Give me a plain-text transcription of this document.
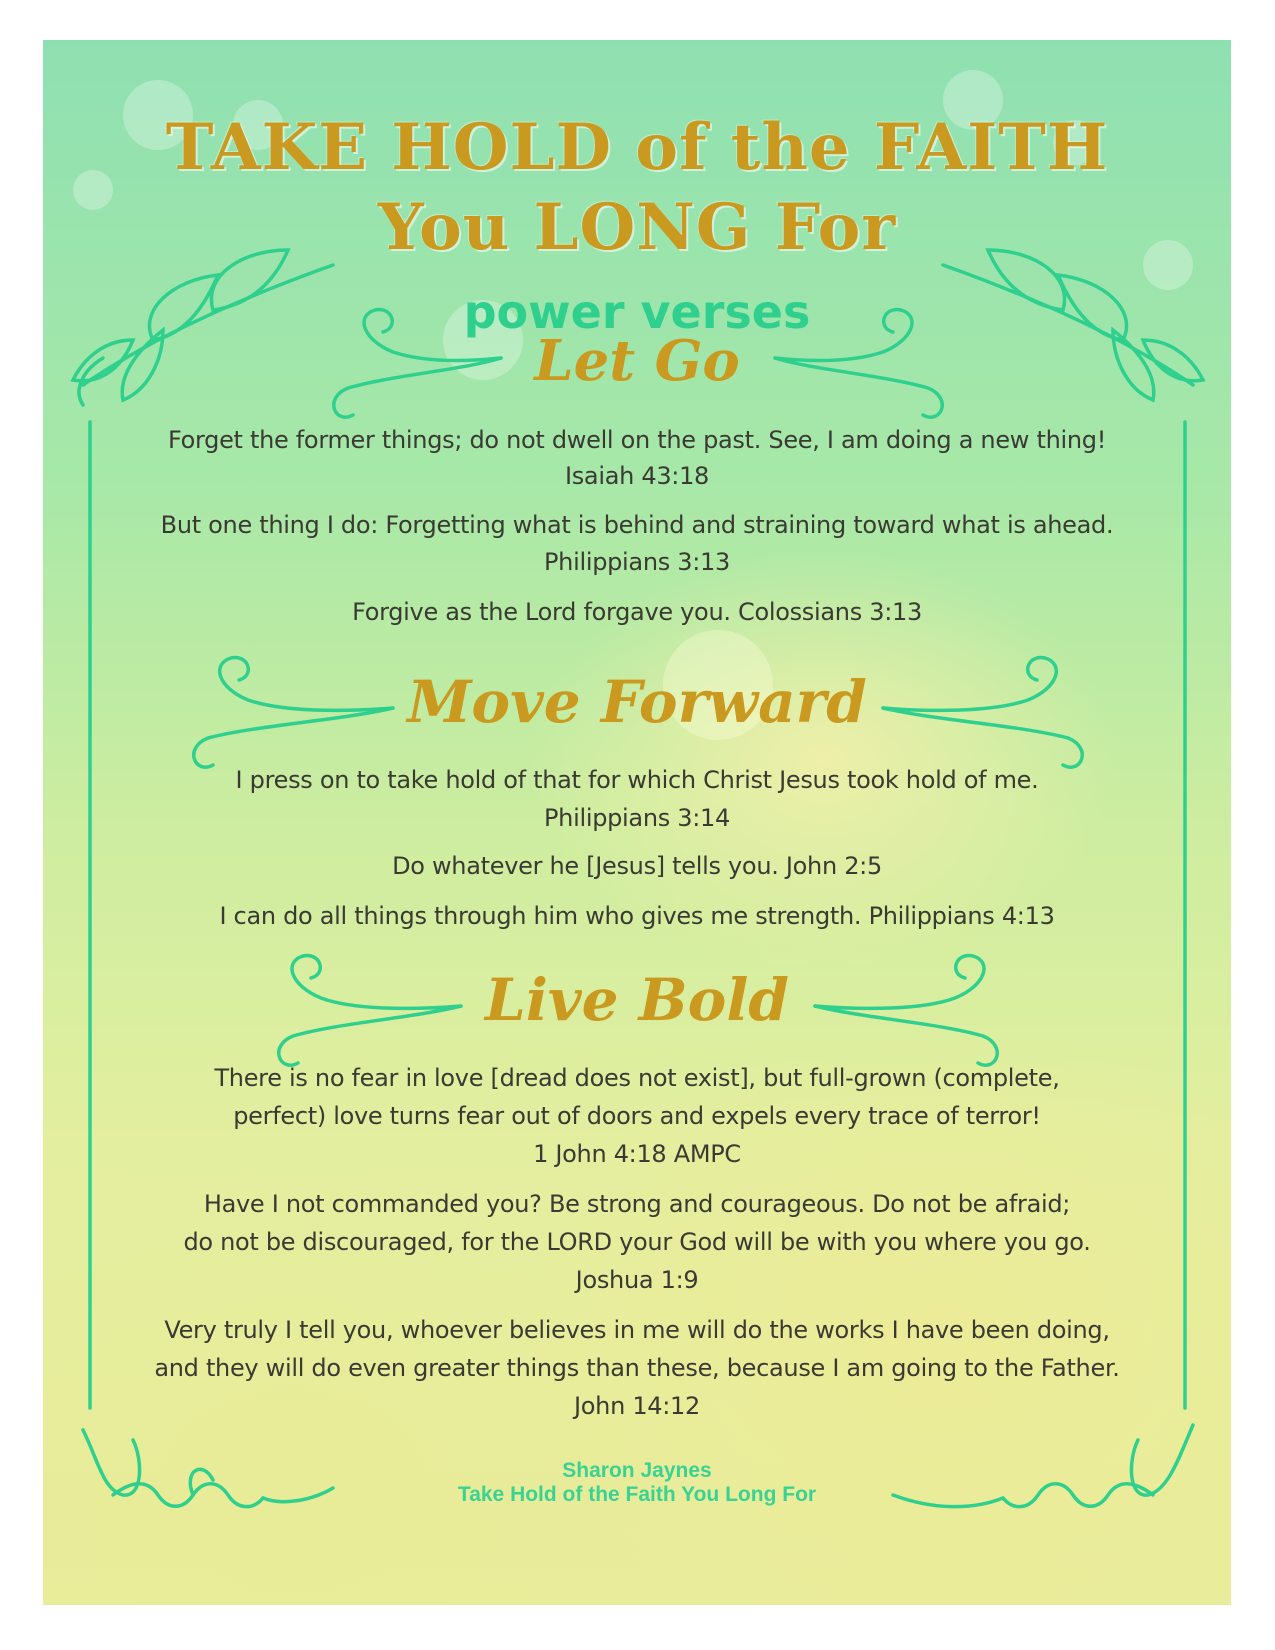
TAKE HOLD of the FAITH
You LONG For
power verses
Let Go
Forget the former things; do not dwell on the past. See, I am doing a new thing!
Isaiah 43:18
But one thing I do: Forgetting what is behind and straining toward what is ahead.
Philippians 3:13
Forgive as the Lord forgave you. Colossians 3:13
Move Forward
I press on to take hold of that for which Christ Jesus took hold of me.
Philippians 3:14
Do whatever he [Jesus] tells you. John 2:5
I can do all things through him who gives me strength. Philippians 4:13
Live Bold
There is no fear in love [dread does not exist], but full-grown (complete,
perfect) love turns fear out of doors and expels every trace of terror!
1 John 4:18 AMPC
Have I not commanded you? Be strong and courageous. Do not be afraid;
do not be discouraged, for the LORD your God will be with you where you go.
Joshua 1:9
Very truly I tell you, whoever believes in me will do the works I have been doing,
and they will do even greater things than these, because I am going to the Father.
John 14:12
Sharon Jaynes
Take Hold of the Faith You Long For
